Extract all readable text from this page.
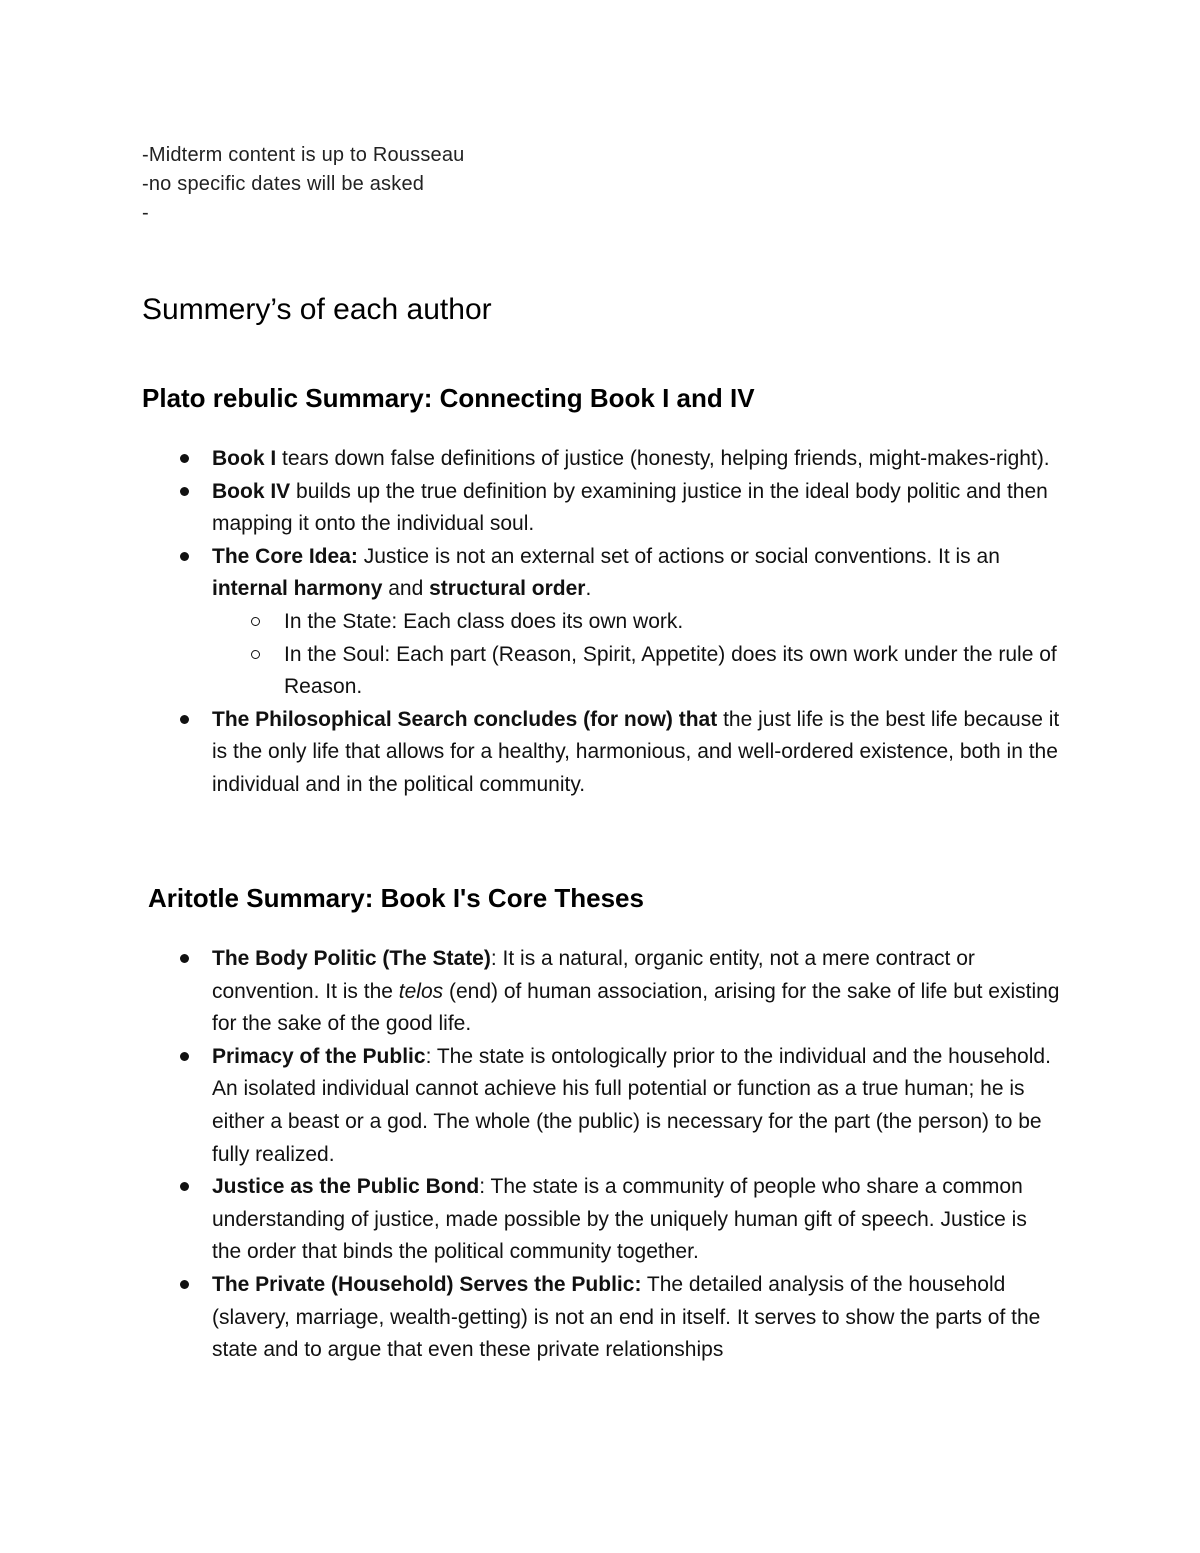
-Midterm content is up to Rousseau
-no specific dates will be asked
-
Summery’s of each author
Plato rebulic Summary: Connecting Book I and IV
Book I tears down false definitions of justice (honesty, helping friends, might-makes-right).
Book IV builds up the true definition by examining justice in the ideal body politic and then mapping it onto the individual soul.
The Core Idea: Justice is not an external set of actions or social conventions. It is an internal harmony and structural order.
In the State: Each class does its own work.
In the Soul: Each part (Reason, Spirit, Appetite) does its own work under the rule of Reason.
The Philosophical Search concludes (for now) that the just life is the best life because it is the only life that allows for a healthy, harmonious, and well-ordered existence, both in the individual and in the political community.
Aritotle Summary: Book I's Core Theses
The Body Politic (The State): It is a natural, organic entity, not a mere contract or convention. It is the telos (end) of human association, arising for the sake of life but existing for the sake of the good life.
Primacy of the Public: The state is ontologically prior to the individual and the household. An isolated individual cannot achieve his full potential or function as a true human; he is either a beast or a god. The whole (the public) is necessary for the part (the person) to be fully realized.
Justice as the Public Bond: The state is a community of people who share a common understanding of justice, made possible by the uniquely human gift of speech. Justice is the order that binds the political community together.
The Private (Household) Serves the Public: The detailed analysis of the household (slavery, marriage, wealth-getting) is not an end in itself. It serves to show the parts of the state and to argue that even these private relationships
